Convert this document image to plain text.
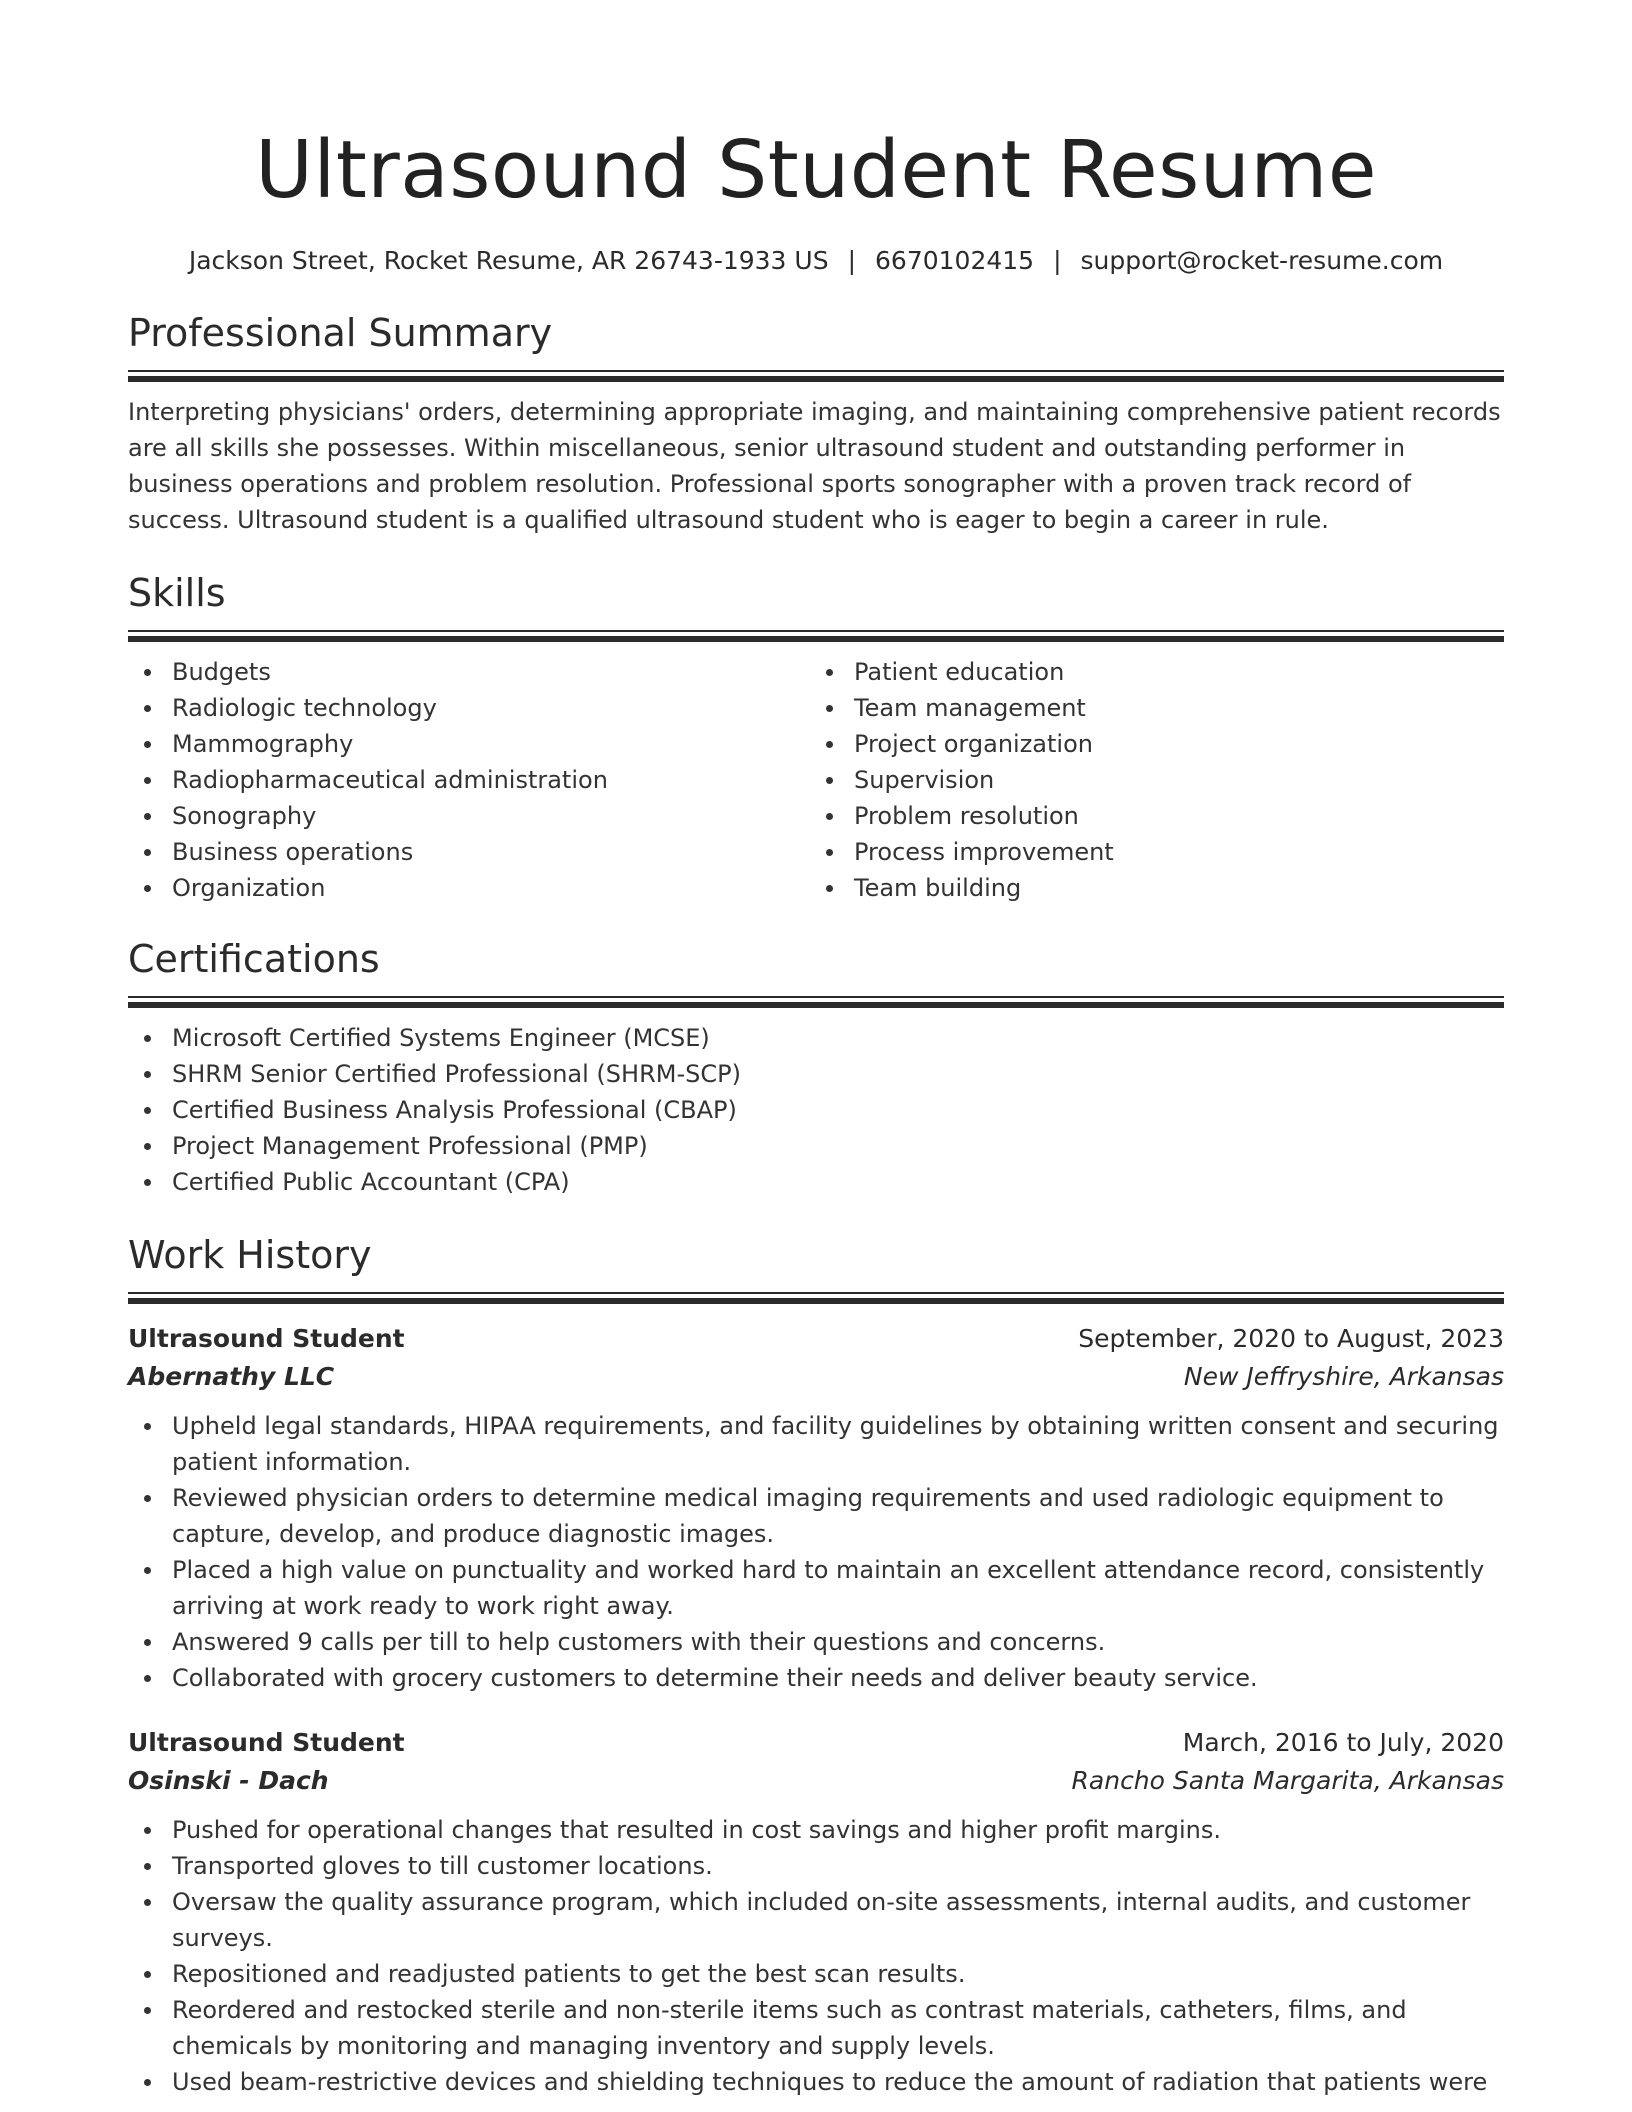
Ultrasound Student Resume
Jackson Street, Rocket Resume, AR 26743-1933 US | 6670102415 | support@rocket-resume.com
Professional Summary
Interpreting physicians' orders, determining appropriate imaging, and maintaining comprehensive patient records are all skills she possesses. Within miscellaneous, senior ultrasound student and outstanding performer in business operations and problem resolution. Professional sports sonographer with a proven track record of success. Ultrasound student is a qualified ultrasound student who is eager to begin a career in rule.
Skills
Budgets
Radiologic technology
Mammography
Radiopharmaceutical administration
Sonography
Business operations
Organization
Patient education
Team management
Project organization
Supervision
Problem resolution
Process improvement
Team building
Certifications
Microsoft Certified Systems Engineer (MCSE)
SHRM Senior Certified Professional (SHRM-SCP)
Certified Business Analysis Professional (CBAP)
Project Management Professional (PMP)
Certified Public Accountant (CPA)
Work History
Ultrasound Student	September, 2020 to August, 2023
Abernathy LLC	New Jeffryshire, Arkansas
Upheld legal standards, HIPAA requirements, and facility guidelines by obtaining written consent and securing patient information.
Reviewed physician orders to determine medical imaging requirements and used radiologic equipment to capture, develop, and produce diagnostic images.
Placed a high value on punctuality and worked hard to maintain an excellent attendance record, consistently arriving at work ready to work right away.
Answered 9 calls per till to help customers with their questions and concerns.
Collaborated with grocery customers to determine their needs and deliver beauty service.
Ultrasound Student	March, 2016 to July, 2020
Osinski - Dach	Rancho Santa Margarita, Arkansas
Pushed for operational changes that resulted in cost savings and higher profit margins.
Transported gloves to till customer locations.
Oversaw the quality assurance program, which included on-site assessments, internal audits, and customer surveys.
Repositioned and readjusted patients to get the best scan results.
Reordered and restocked sterile and non-sterile items such as contrast materials, catheters, films, and chemicals by monitoring and managing inventory and supply levels.
Used beam-restrictive devices and shielding techniques to reduce the amount of radiation that patients were
